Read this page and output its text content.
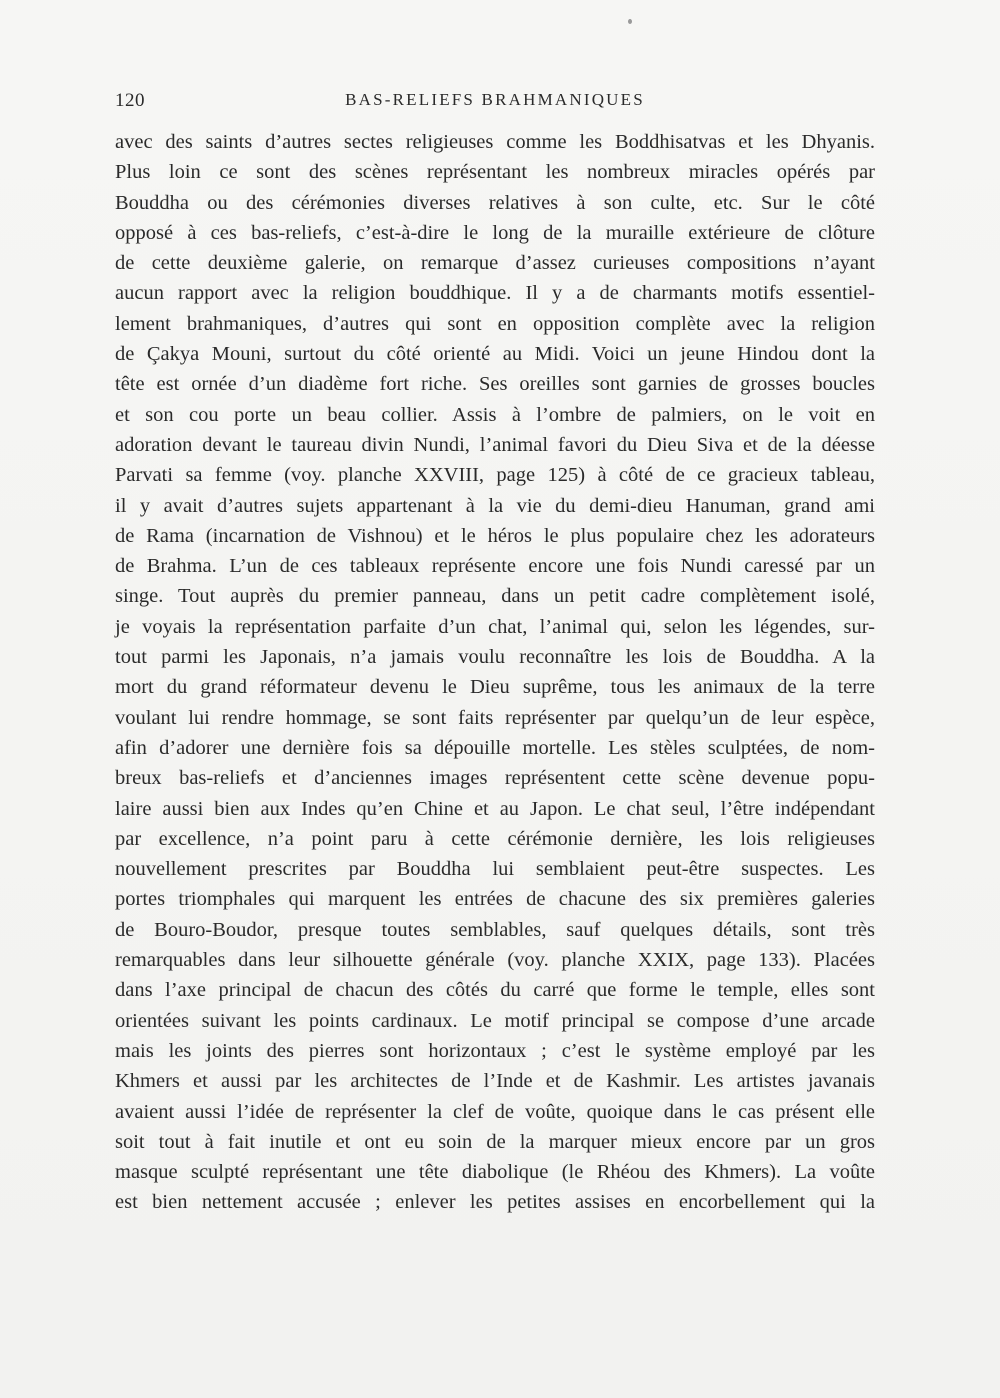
120	BAS-RELIEFS BRAHMANIQUES
avec des saints d’autres sectes religieuses comme les Boddhisatvas et les Dhyanis.
Plus loin ce sont des scènes représentant les nombreux miracles opérés par
Bouddha ou des cérémonies diverses relatives à son culte, etc. Sur le côté
opposé à ces bas-reliefs, c’est-à-dire le long de la muraille extérieure de clôture
de cette deuxième galerie, on remarque d’assez curieuses compositions n’ayant
aucun rapport avec la religion bouddhique. Il y a de charmants motifs essentiel-
lement brahmaniques, d’autres qui sont en opposition complète avec la religion
de Çakya Mouni, surtout du côté orienté au Midi. Voici un jeune Hindou dont la
tête est ornée d’un diadème fort riche. Ses oreilles sont garnies de grosses boucles
et son cou porte un beau collier. Assis à l’ombre de palmiers, on le voit en
adoration devant le taureau divin Nundi, l’animal favori du Dieu Siva et de la déesse
Parvati sa femme (voy. planche XXVIII, page 125) à côté de ce gracieux tableau,
il y avait d’autres sujets appartenant à la vie du demi-dieu Hanuman, grand ami
de Rama (incarnation de Vishnou) et le héros le plus populaire chez les adorateurs
de Brahma. L’un de ces tableaux représente encore une fois Nundi caressé par un
singe. Tout auprès du premier panneau, dans un petit cadre complètement isolé,
je voyais la représentation parfaite d’un chat, l’animal qui, selon les légendes, sur-
tout parmi les Japonais, n’a jamais voulu reconnaître les lois de Bouddha. A la
mort du grand réformateur devenu le Dieu suprême, tous les animaux de la terre
voulant lui rendre hommage, se sont faits représenter par quelqu’un de leur espèce,
afin d’adorer une dernière fois sa dépouille mortelle. Les stèles sculptées, de nom-
breux bas-reliefs et d’anciennes images représentent cette scène devenue popu-
laire aussi bien aux Indes qu’en Chine et au Japon. Le chat seul, l’être indépendant
par excellence, n’a point paru à cette cérémonie dernière, les lois religieuses
nouvellement prescrites par Bouddha lui semblaient peut-être suspectes. Les
portes triomphales qui marquent les entrées de chacune des six premières galeries
de Bouro-Boudor, presque toutes semblables, sauf quelques détails, sont très
remarquables dans leur silhouette générale (voy. planche XXIX, page 133). Placées
dans l’axe principal de chacun des côtés du carré que forme le temple, elles sont
orientées suivant les points cardinaux. Le motif principal se compose d’une arcade
mais les joints des pierres sont horizontaux ; c’est le système employé par les
Khmers et aussi par les architectes de l’Inde et de Kashmir. Les artistes javanais
avaient aussi l’idée de représenter la clef de voûte, quoique dans le cas présent elle
soit tout à fait inutile et ont eu soin de la marquer mieux encore par un gros
masque sculpté représentant une tête diabolique (le Rhéou des Khmers). La voûte
est bien nettement accusée ; enlever les petites assises en encorbellement qui la
